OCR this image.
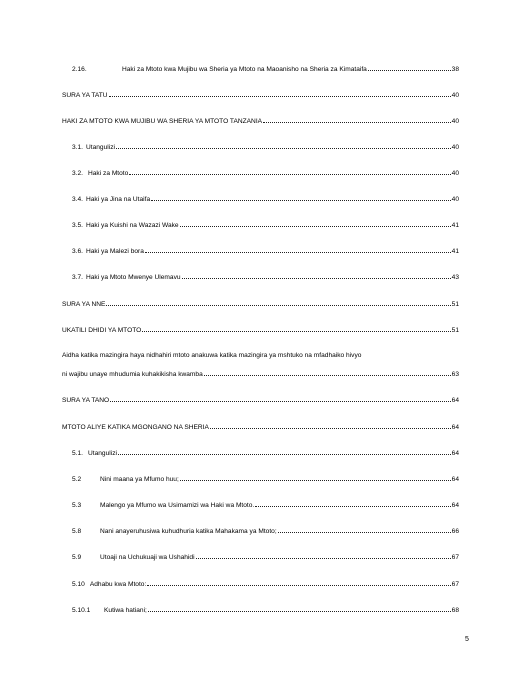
2.16.	Haki za Mtoto kwa Mujibu wa Sheria ya Mtoto na Maoanisho na Sheria za Kimataifa	38
SURA YA TATU	40
HAKI ZA MTOTO KWA MUJIBU WA SHERIA YA MTOTO TANZANIA	40
3.1. Utangulizi	40
3.2. Haki za Mtoto	40
3.4. Haki ya Jina na Utaifa	40
3.5. Haki ya Kuishi na Wazazi Wake	41
3.6. Haki ya Malezi bora	41
3.7. Haki ya Mtoto Mwenye Ulemavu	43
SURA YA NNE	51
UKATILI DHIDI YA MTOTO	51
Aidha katika mazingira haya nidhahiri mtoto anakuwa katika mazingira ya mshtuko na mfadhaiko hivyo
ni wajibu unaye mhudumia kuhakikisha kwamba	63
SURA YA TANO	64
MTOTO ALIYE KATIKA MGONGANO NA SHERIA	64
5.1. Utangulizi	64
5.2	Nini maana ya Mfumo huu;	64
5.3	Malengo ya Mfumo wa Usimamizi wa Haki wa Mtoto.	64
5.8	Nani anayeruhusiwa kuhudhuria katika Mahakama ya Mtoto;	66
5.9	Utoaji na Uchukuaji wa Ushahidi	67
5.10 Adhabu kwa Mtoto:	67
5.10.1	Kutiwa hatiani;	68
5
